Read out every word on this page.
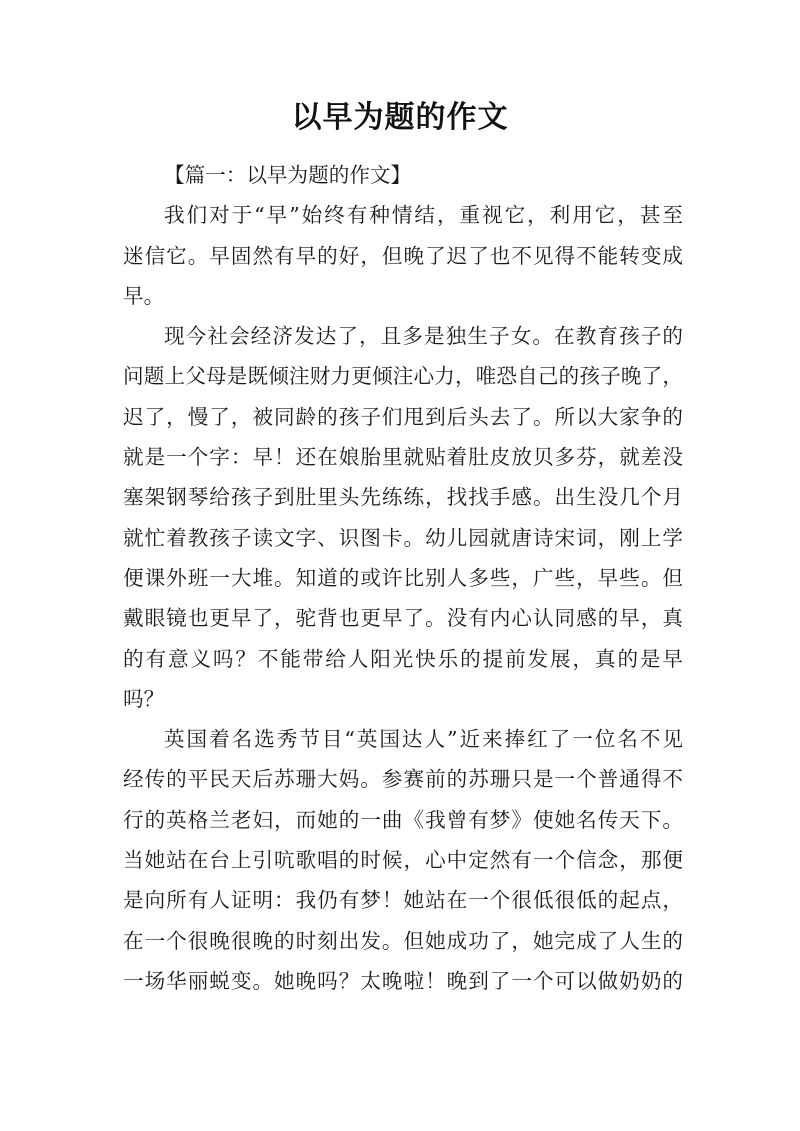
以早为题的作文
【篇一：以早为题的作文】

我们对于“早”始终有种情结，重视它，利用它，甚至
迷信它。早固然有早的好，但晚了迟了也不见得不能转变成
早。

现今社会经济发达了，且多是独生子女。在教育孩子的
问题上父母是既倾注财力更倾注心力，唯恐自己的孩子晚了，
迟了，慢了，被同龄的孩子们甩到后头去了。所以大家争的
就是一个字：早！还在娘胎里就贴着肚皮放贝多芬，就差没
塞架钢琴给孩子到肚里头先练练，找找手感。出生没几个月
就忙着教孩子读文字、识图卡。幼儿园就唐诗宋词，刚上学
便课外班一大堆。知道的或许比别人多些，广些，早些。但
戴眼镜也更早了，驼背也更早了。没有内心认同感的早，真
的有意义吗？不能带给人阳光快乐的提前发展，真的是早
吗？

英国着名选秀节目“英国达人”近来捧红了一位名不见
经传的平民天后苏珊大妈。参赛前的苏珊只是一个普通得不
行的英格兰老妇，而她的一曲《我曾有梦》使她名传天下。
当她站在台上引吭歌唱的时候，心中定然有一个信念，那便
是向所有人证明：我仍有梦！她站在一个很低很低的起点，
在一个很晚很晚的时刻出发。但她成功了，她完成了人生的
一场华丽蜕变。她晚吗？太晚啦！晚到了一个可以做奶奶的
